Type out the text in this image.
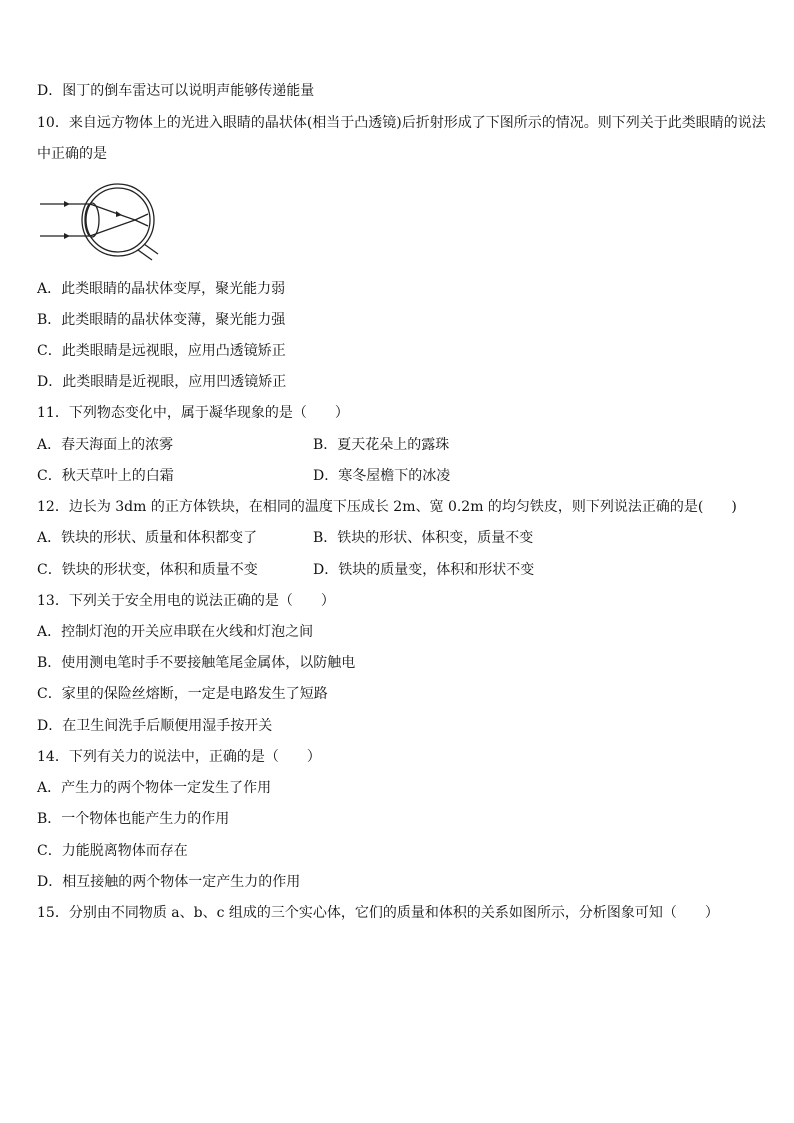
D．图丁的倒车雷达可以说明声能够传递能量
10．来自远方物体上的光进入眼睛的晶状体(相当于凸透镜)后折射形成了下图所示的情况。则下列关于此类眼睛的说法
中正确的是
A．此类眼睛的晶状体变厚，聚光能力弱
B．此类眼睛的晶状体变薄，聚光能力强
C．此类眼睛是远视眼，应用凸透镜矫正
D．此类眼睛是近视眼，应用凹透镜矫正
11．下列物态变化中，属于凝华现象的是（　　）
A．春天海面上的浓雾	B．夏天花朵上的露珠
C．秋天草叶上的白霜	D．寒冬屋檐下的冰凌
12．边长为 3dm 的正方体铁块，在相同的温度下压成长 2m、宽 0.2m 的均匀铁皮，则下列说法正确的是(　　)
A．铁块的形状、质量和体积都变了	B．铁块的形状、体积变，质量不变
C．铁块的形状变，体积和质量不变	D．铁块的质量变，体积和形状不变
13．下列关于安全用电的说法正确的是（　　）
A．控制灯泡的开关应串联在火线和灯泡之间
B．使用测电笔时手不要接触笔尾金属体，以防触电
C．家里的保险丝熔断，一定是电路发生了短路
D．在卫生间洗手后顺便用湿手按开关
14．下列有关力的说法中，正确的是（　　）
A．产生力的两个物体一定发生了作用
B．一个物体也能产生力的作用
C．力能脱离物体而存在
D．相互接触的两个物体一定产生力的作用
15．分别由不同物质 a、b、c 组成的三个实心体，它们的质量和体积的关系如图所示，分析图象可知（　　）
